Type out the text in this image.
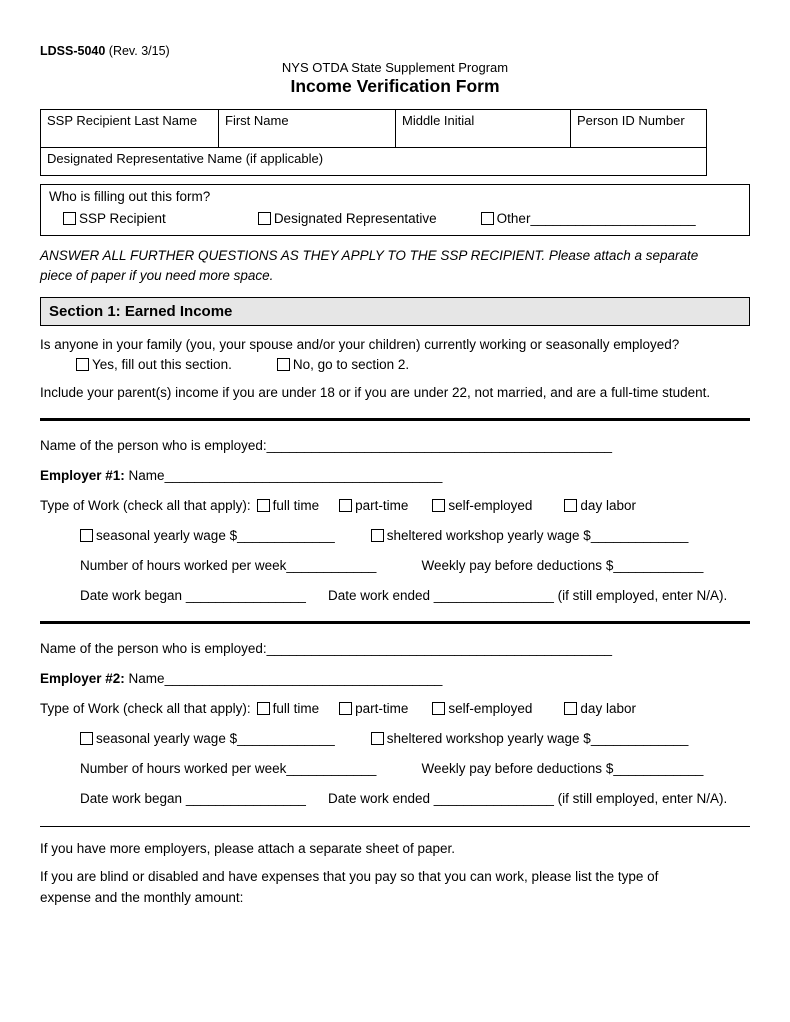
LDSS-5040 (Rev. 3/15)
NYS OTDA State Supplement Program
Income Verification Form
SSP Recipient Last Name	First Name	Middle Initial	Person ID Number
Designated Representative Name (if applicable)
Who is filling out this form?
SSP Recipient	Designated Representative	Other______________________
ANSWER ALL FURTHER QUESTIONS AS THEY APPLY TO THE SSP RECIPIENT. Please attach a separate piece of paper if you need more space.
Section 1: Earned Income
Is anyone in your family (you, your spouse and/or your children) currently working or seasonally employed?
Yes, fill out this section.	No, go to section 2.
Include your parent(s) income if you are under 18 or if you are under 22, not married, and are a full-time student.
Name of the person who is employed:______________________________________________
Employer #1: Name_____________________________________
Type of Work (check all that apply):	full time	part-time	self-employed	day labor
seasonal yearly wage $_____________	sheltered workshop yearly wage $_____________
Number of hours worked per week____________	Weekly pay before deductions $____________
Date work began ________________ Date work ended ________________ (if still employed, enter N/A).
Name of the person who is employed:______________________________________________
Employer #2: Name_____________________________________
Type of Work (check all that apply):	full time	part-time	self-employed	day labor
seasonal yearly wage $_____________	sheltered workshop yearly wage $_____________
Number of hours worked per week____________	Weekly pay before deductions $____________
Date work began ________________ Date work ended ________________ (if still employed, enter N/A).
If you have more employers, please attach a separate sheet of paper.
If you are blind or disabled and have expenses that you pay so that you can work, please list the type of expense and the monthly amount:
